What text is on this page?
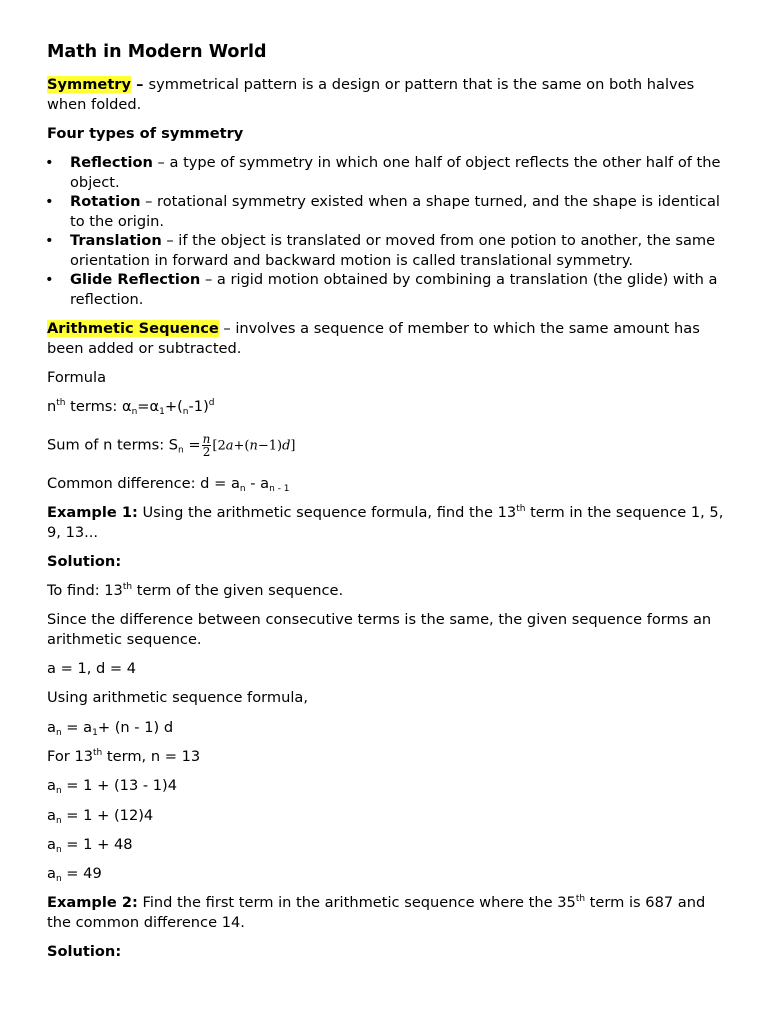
Math in Modern World
Symmetry – symmetrical pattern is a design or pattern that is the same on both halves when folded.
Four types of symmetry
• Reflection – a type of symmetry in which one half of object reflects the other half of the object.
• Rotation – rotational symmetry existed when a shape turned, and the shape is identical to the origin.
• Translation – if the object is translated or moved from one potion to another, the same orientation in forward and backward motion is called translational symmetry.
• Glide Reflection – a rigid motion obtained by combining a translation (the glide) with a reflection.
Arithmetic Sequence – involves a sequence of member to which the same amount has been added or subtracted.
Formula
$n^{th}$ terms: $\alpha_n=\alpha_1+(_n-1)^d$
Sum of n terms: $S_n = \frac{n}{2} [2a+(n-1)d]$
Common difference: $d = a_n - a_{n - 1}$
Example 1: Using the arithmetic sequence formula, find the 13th term in the sequence 1, 5, 9, 13...
Solution:
To find: 13th term of the given sequence.
Since the difference between consecutive terms is the same, the given sequence forms an arithmetic sequence.
a = 1, d = 4
Using arithmetic sequence formula,
$a_n = a_1+ (n - 1)$ d
For 13th term, n = 13
$a_n = 1 + (13 - 1)4$
$a_n = 1 + (12)4$
$a_n = 1 + 48$
$a_n = 49$
Example 2: Find the first term in the arithmetic sequence where the 35th term is 687 and the common difference 14.
Solution:
